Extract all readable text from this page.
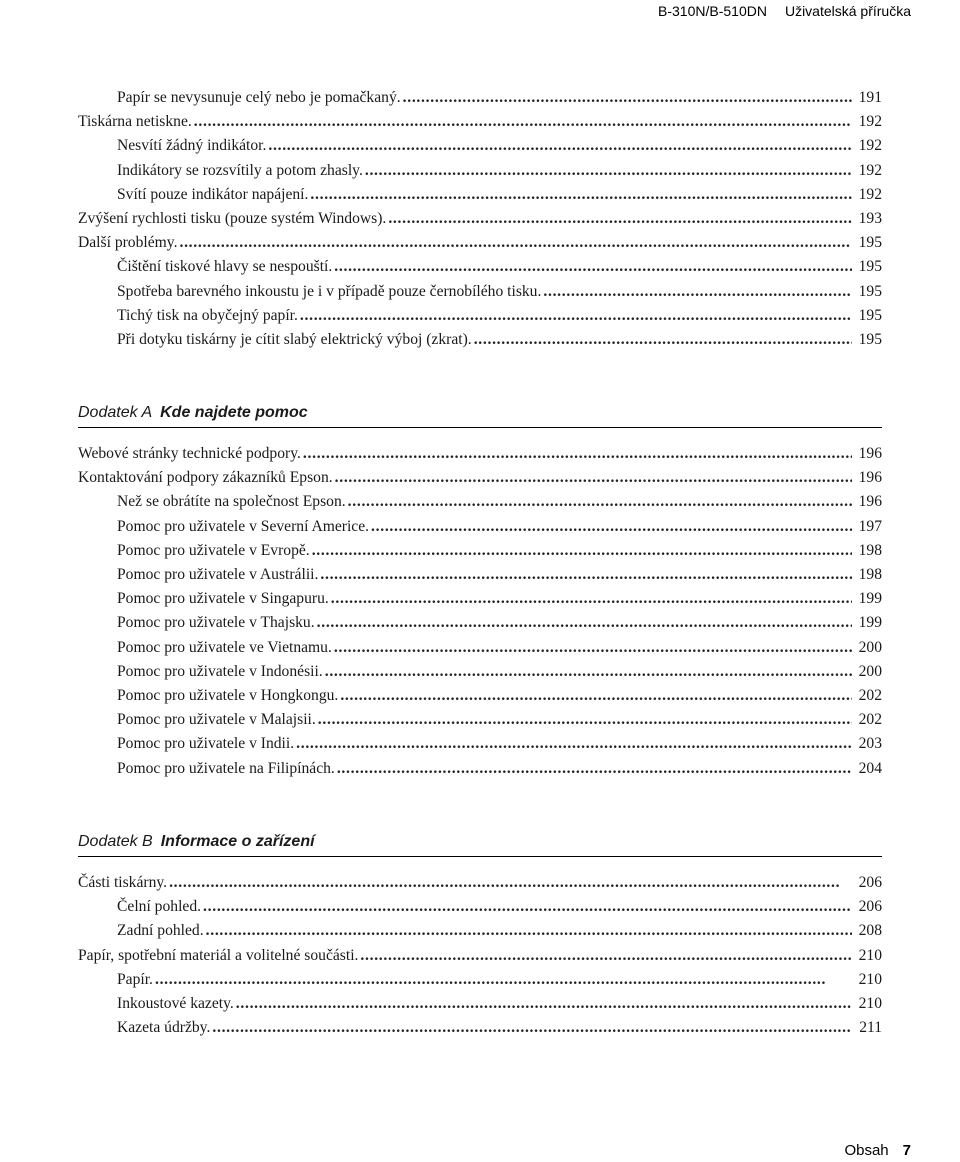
B-310N/B-510DN Uživatelská příručka
Papír se nevysunuje celý nebo je pomačkaný. . . .	191
Tiskárna netiskne. . . .	192
Nesvítí žádný indikátor. . . .	192
Indikátory se rozsvítily a potom zhasly. . . .	192
Svítí pouze indikátor napájení. . . .	192
Zvýšení rychlosti tisku (pouze systém Windows). . . .	193
Další problémy. . . .	195
Čištění tiskové hlavy se nespouští. . . .	195
Spotřeba barevného inkoustu je i v případě pouze černobílého tisku. . . .	195
Tichý tisk na obyčejný papír. . . .	195
Při dotyku tiskárny je cítit slabý elektrický výboj (zkrat). . . .	195
Dodatek A Kde najdete pomoc
Webové stránky technické podpory. . . .	196
Kontaktování podpory zákazníků Epson. . . .	196
Než se obrátíte na společnost Epson. . . .	196
Pomoc pro uživatele v Severní Americe. . . .	197
Pomoc pro uživatele v Evropě. . . .	198
Pomoc pro uživatele v Austrálii. . . .	198
Pomoc pro uživatele v Singapuru. . . .	199
Pomoc pro uživatele v Thajsku. . . .	199
Pomoc pro uživatele ve Vietnamu. . . .	200
Pomoc pro uživatele v Indonésii. . . .	200
Pomoc pro uživatele v Hongkongu. . . .	202
Pomoc pro uživatele v Malajsii. . . .	202
Pomoc pro uživatele v Indii. . . .	203
Pomoc pro uživatele na Filipínách. . . .	204
Dodatek B Informace o zařízení
Části tiskárny. . . .	206
Čelní pohled. . . .	206
Zadní pohled. . . .	208
Papír, spotřební materiál a volitelné součásti. . . .	210
Papír. . . .	210
Inkoustové kazety. . . .	210
Kazeta údržby. . . .	211
Obsah 7
